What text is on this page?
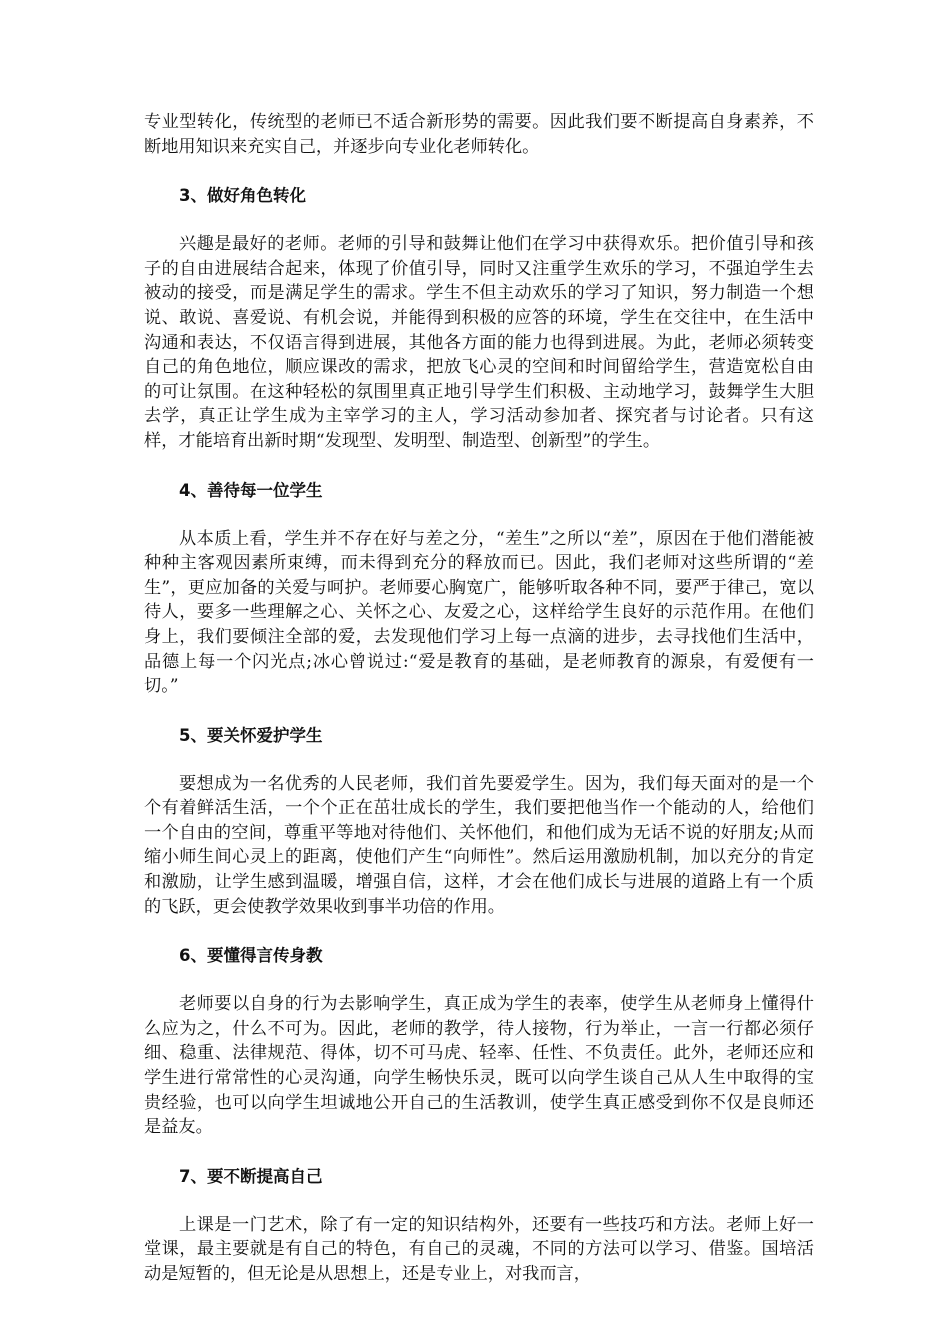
专业型转化，传统型的老师已不适合新形势的需要。因此我们要不断提高自身素养，不断地用知识来充实自己，并逐步向专业化老师转化。

3、做好角色转化

兴趣是最好的老师。老师的引导和鼓舞让他们在学习中获得欢乐。把价值引导和孩子的自由进展结合起来，体现了价值引导，同时又注重学生欢乐的学习，不强迫学生去被动的接受，而是满足学生的需求。学生不但主动欢乐的学习了知识，努力制造一个想说、敢说、喜爱说、有机会说，并能得到积极的应答的环境，学生在交往中，在生活中沟通和表达，不仅语言得到进展，其他各方面的能力也得到进展。为此，老师必须转变自己的角色地位，顺应课改的需求，把放飞心灵的空间和时间留给学生，营造宽松自由的可让氛围。在这种轻松的氛围里真正地引导学生们积极、主动地学习，鼓舞学生大胆去学，真正让学生成为主宰学习的主人，学习活动参加者、探究者与讨论者。只有这样，才能培育出新时期“发现型、发明型、制造型、创新型”的学生。

4、善待每一位学生

从本质上看，学生并不存在好与差之分，“差生”之所以“差”，原因在于他们潜能被种种主客观因素所束缚，而未得到充分的释放而已。因此，我们老师对这些所谓的“差生”，更应加备的关爱与呵护。老师要心胸宽广，能够听取各种不同，要严于律己，宽以待人，要多一些理解之心、关怀之心、友爱之心，这样给学生良好的示范作用。在他们身上，我们要倾注全部的爱，去发现他们学习上每一点滴的进步，去寻找他们生活中，品德上每一个闪光点;冰心曾说过:“爱是教育的基础，是老师教育的源泉，有爱便有一切。”

5、要关怀爱护学生

要想成为一名优秀的人民老师，我们首先要爱学生。因为，我们每天面对的是一个个有着鲜活生活，一个个正在茁壮成长的学生，我们要把他当作一个能动的人，给他们一个自由的空间，尊重平等地对待他们、关怀他们，和他们成为无话不说的好朋友;从而缩小师生间心灵上的距离，使他们产生“向师性”。然后运用激励机制，加以充分的肯定和激励，让学生感到温暖，增强自信，这样，才会在他们成长与进展的道路上有一个质的飞跃，更会使教学效果收到事半功倍的作用。

6、要懂得言传身教

老师要以自身的行为去影响学生，真正成为学生的表率，使学生从老师身上懂得什么应为之，什么不可为。因此，老师的教学，待人接物，行为举止，一言一行都必须仔细、稳重、法律规范、得体，切不可马虎、轻率、任性、不负责任。此外，老师还应和学生进行常常性的心灵沟通，向学生畅快乐灵，既可以向学生谈自己从人生中取得的宝贵经验，也可以向学生坦诚地公开自己的生活教训，使学生真正感受到你不仅是良师还是益友。

7、要不断提高自己

上课是一门艺术，除了有一定的知识结构外，还要有一些技巧和方法。老师上好一堂课，最主要就是有自己的特色，有自己的灵魂，不同的方法可以学习、借鉴。国培活动是短暂的，但无论是从思想上，还是专业上，对我而言，
